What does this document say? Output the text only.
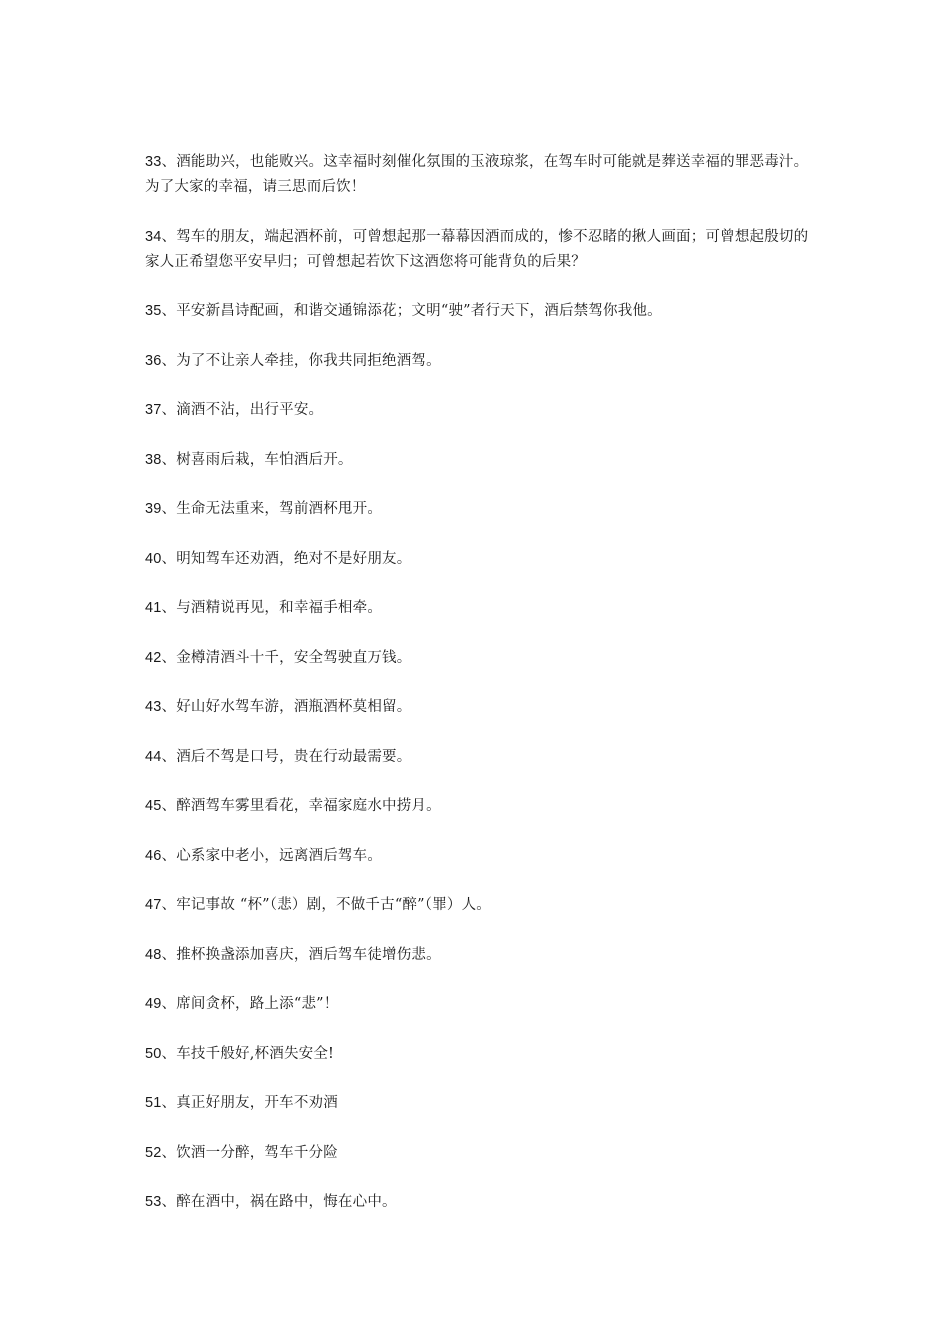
33、酒能助兴，也能败兴。这幸福时刻催化氛围的玉液琼浆，在驾车时可能就是葬送幸福的罪恶毒汁。为了大家的幸福，请三思而后饮！

34、驾车的朋友，端起酒杯前，可曾想起那一幕幕因酒而成的，惨不忍睹的揪人画面；可曾想起殷切的家人正希望您平安早归；可曾想起若饮下这酒您将可能背负的后果？

35、平安新昌诗配画，和谐交通锦添花；文明“驶”者行天下，酒后禁驾你我他。

36、为了不让亲人牵挂，你我共同拒绝酒驾。

37、滴酒不沾，出行平安。

38、树喜雨后栽，车怕酒后开。

39、生命无法重来，驾前酒杯甩开。

40、明知驾车还劝酒，绝对不是好朋友。

41、与酒精说再见，和幸福手相牵。

42、金樽清酒斗十千，安全驾驶直万钱。

43、好山好水驾车游，酒瓶酒杯莫相留。

44、酒后不驾是口号，贵在行动最需要。

45、醉酒驾车雾里看花，幸福家庭水中捞月。

46、心系家中老小，远离酒后驾车。

47、牢记事故 “杯”（悲）剧，不做千古“醉”（罪）人。

48、推杯换盏添加喜庆，酒后驾车徒增伤悲。

49、席间贪杯，路上添“悲”！

50、车技千般好,杯酒失安全!

51、真正好朋友，开车不劝酒

52、饮酒一分醉，驾车千分险

53、醉在酒中，祸在路中，悔在心中。
